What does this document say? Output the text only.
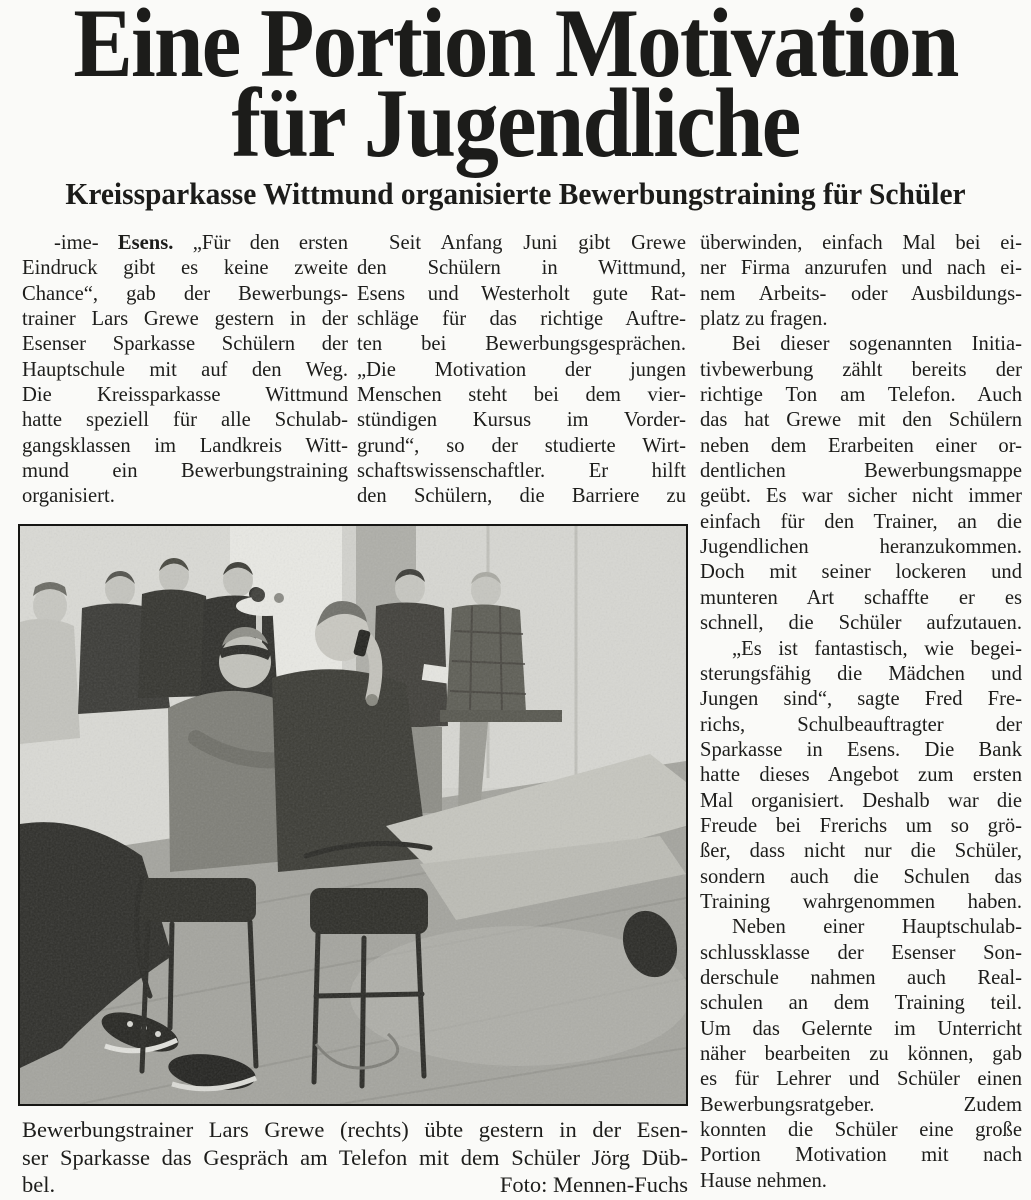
Eine Portion Motivation
für Jugendliche
Kreissparkasse Wittmund organisierte Bewerbungstraining für Schüler
-ime- Esens. „Für den ersten
Eindruck gibt es keine zweite
Chance“, gab der Bewerbungs-
trainer Lars Grewe gestern in der
Esenser Sparkasse Schülern der
Hauptschule mit auf den Weg.
Die Kreissparkasse Wittmund
hatte speziell für alle Schulab-
gangsklassen im Landkreis Witt-
mund ein Bewerbungstraining
organisiert.
Seit Anfang Juni gibt Grewe
den Schülern in Wittmund,
Esens und Westerholt gute Rat-
schläge für das richtige Auftre-
ten bei Bewerbungsgesprächen.
„Die Motivation der jungen
Menschen steht bei dem vier-
stündigen Kursus im Vorder-
grund“, so der studierte Wirt-
schaftswissenschaftler. Er hilft
den Schülern, die Barriere zu
überwinden, einfach Mal bei ei-
ner Firma anzurufen und nach ei-
nem Arbeits- oder Ausbildungs-
platz zu fragen.
Bei dieser sogenannten Initia-
tivbewerbung zählt bereits der
richtige Ton am Telefon. Auch
das hat Grewe mit den Schülern
neben dem Erarbeiten einer or-
dentlichen Bewerbungsmappe
geübt. Es war sicher nicht immer
einfach für den Trainer, an die
Jugendlichen heranzukommen.
Doch mit seiner lockeren und
munteren Art schaffte er es
schnell, die Schüler aufzutauen.
„Es ist fantastisch, wie begei-
sterungsfähig die Mädchen und
Jungen sind“, sagte Fred Fre-
richs, Schulbeauftragter der
Sparkasse in Esens. Die Bank
hatte dieses Angebot zum ersten
Mal organisiert. Deshalb war die
Freude bei Frerichs um so grö-
ßer, dass nicht nur die Schüler,
sondern auch die Schulen das
Training wahrgenommen haben.
Neben einer Hauptschulab-
schlussklasse der Esenser Son-
derschule nahmen auch Real-
schulen an dem Training teil.
Um das Gelernte im Unterricht
näher bearbeiten zu können, gab
es für Lehrer und Schüler einen
Bewerbungsratgeber. Zudem
konnten die Schüler eine große
Portion Motivation mit nach
Hause nehmen.
Bewerbungstrainer Lars Grewe (rechts) übte gestern in der Esen-
ser Sparkasse das Gespräch am Telefon mit dem Schüler Jörg Düb-
bel.	Foto: Mennen-Fuchs
